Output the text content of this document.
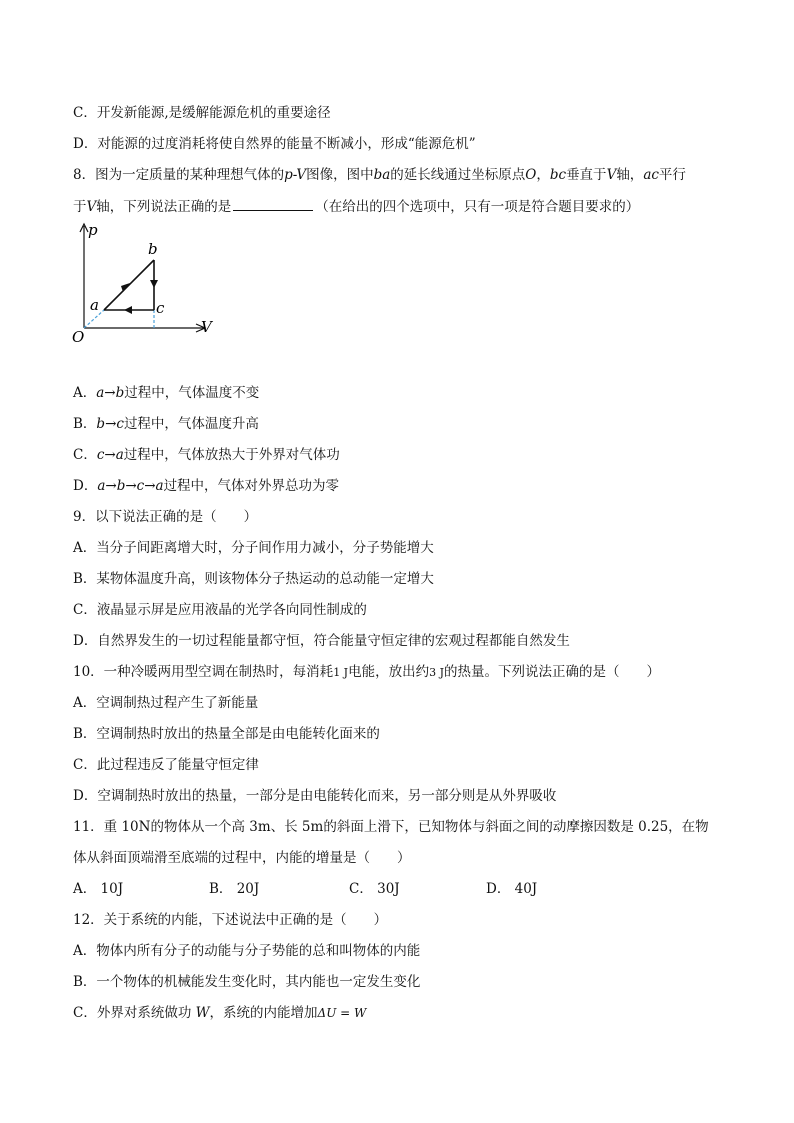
C．开发新能源,是缓解能源危机的重要途径
D．对能源的过度消耗将使自然界的能量不断减小，形成“能源危机”
8．图为一定质量的某种理想气体的p-V图像，图中ba的延长线通过坐标原点O，bc垂直于V轴，ac平行
于V轴，下列说法正确的是	（在给出的四个选项中，只有一项是符合题目要求的）
p
V
O
a
b
c
A．a→b过程中，气体温度不变
B．b→c过程中，气体温度升高
C．c→a过程中，气体放热大于外界对气体功
D．a→b→c→a过程中，气体对外界总功为零
9．以下说法正确的是（　　）
A．当分子间距离增大时，分子间作用力减小，分子势能增大
B．某物体温度升高，则该物体分子热运动的总动能一定增大
C．液晶显示屏是应用液晶的光学各向同性制成的
D．自然界发生的一切过程能量都守恒，符合能量守恒定律的宏观过程都能自然发生
10．一种冷暖两用型空调在制热时，每消耗1 J电能，放出约3 J的热量。下列说法正确的是（　　）
A．空调制热过程产生了新能量
B．空调制热时放出的热量全部是由电能转化面来的
C．此过程违反了能量守恒定律
D．空调制热时放出的热量，一部分是由电能转化而来，另一部分则是从外界吸收
11．重 10N的物体从一个高 3m、长 5m的斜面上滑下，已知物体与斜面之间的动摩擦因数是 0.25，在物
体从斜面顶端滑至底端的过程中，内能的增量是（　　）
A． 10J	B． 20J	C． 30J	D． 40J
12．关于系统的内能，下述说法中正确的是（　　）
A．物体内所有分子的动能与分子势能的总和叫物体的内能
B．一个物体的机械能发生变化时，其内能也一定发生变化
C．外界对系统做功 W，系统的内能增加ΔU = W
